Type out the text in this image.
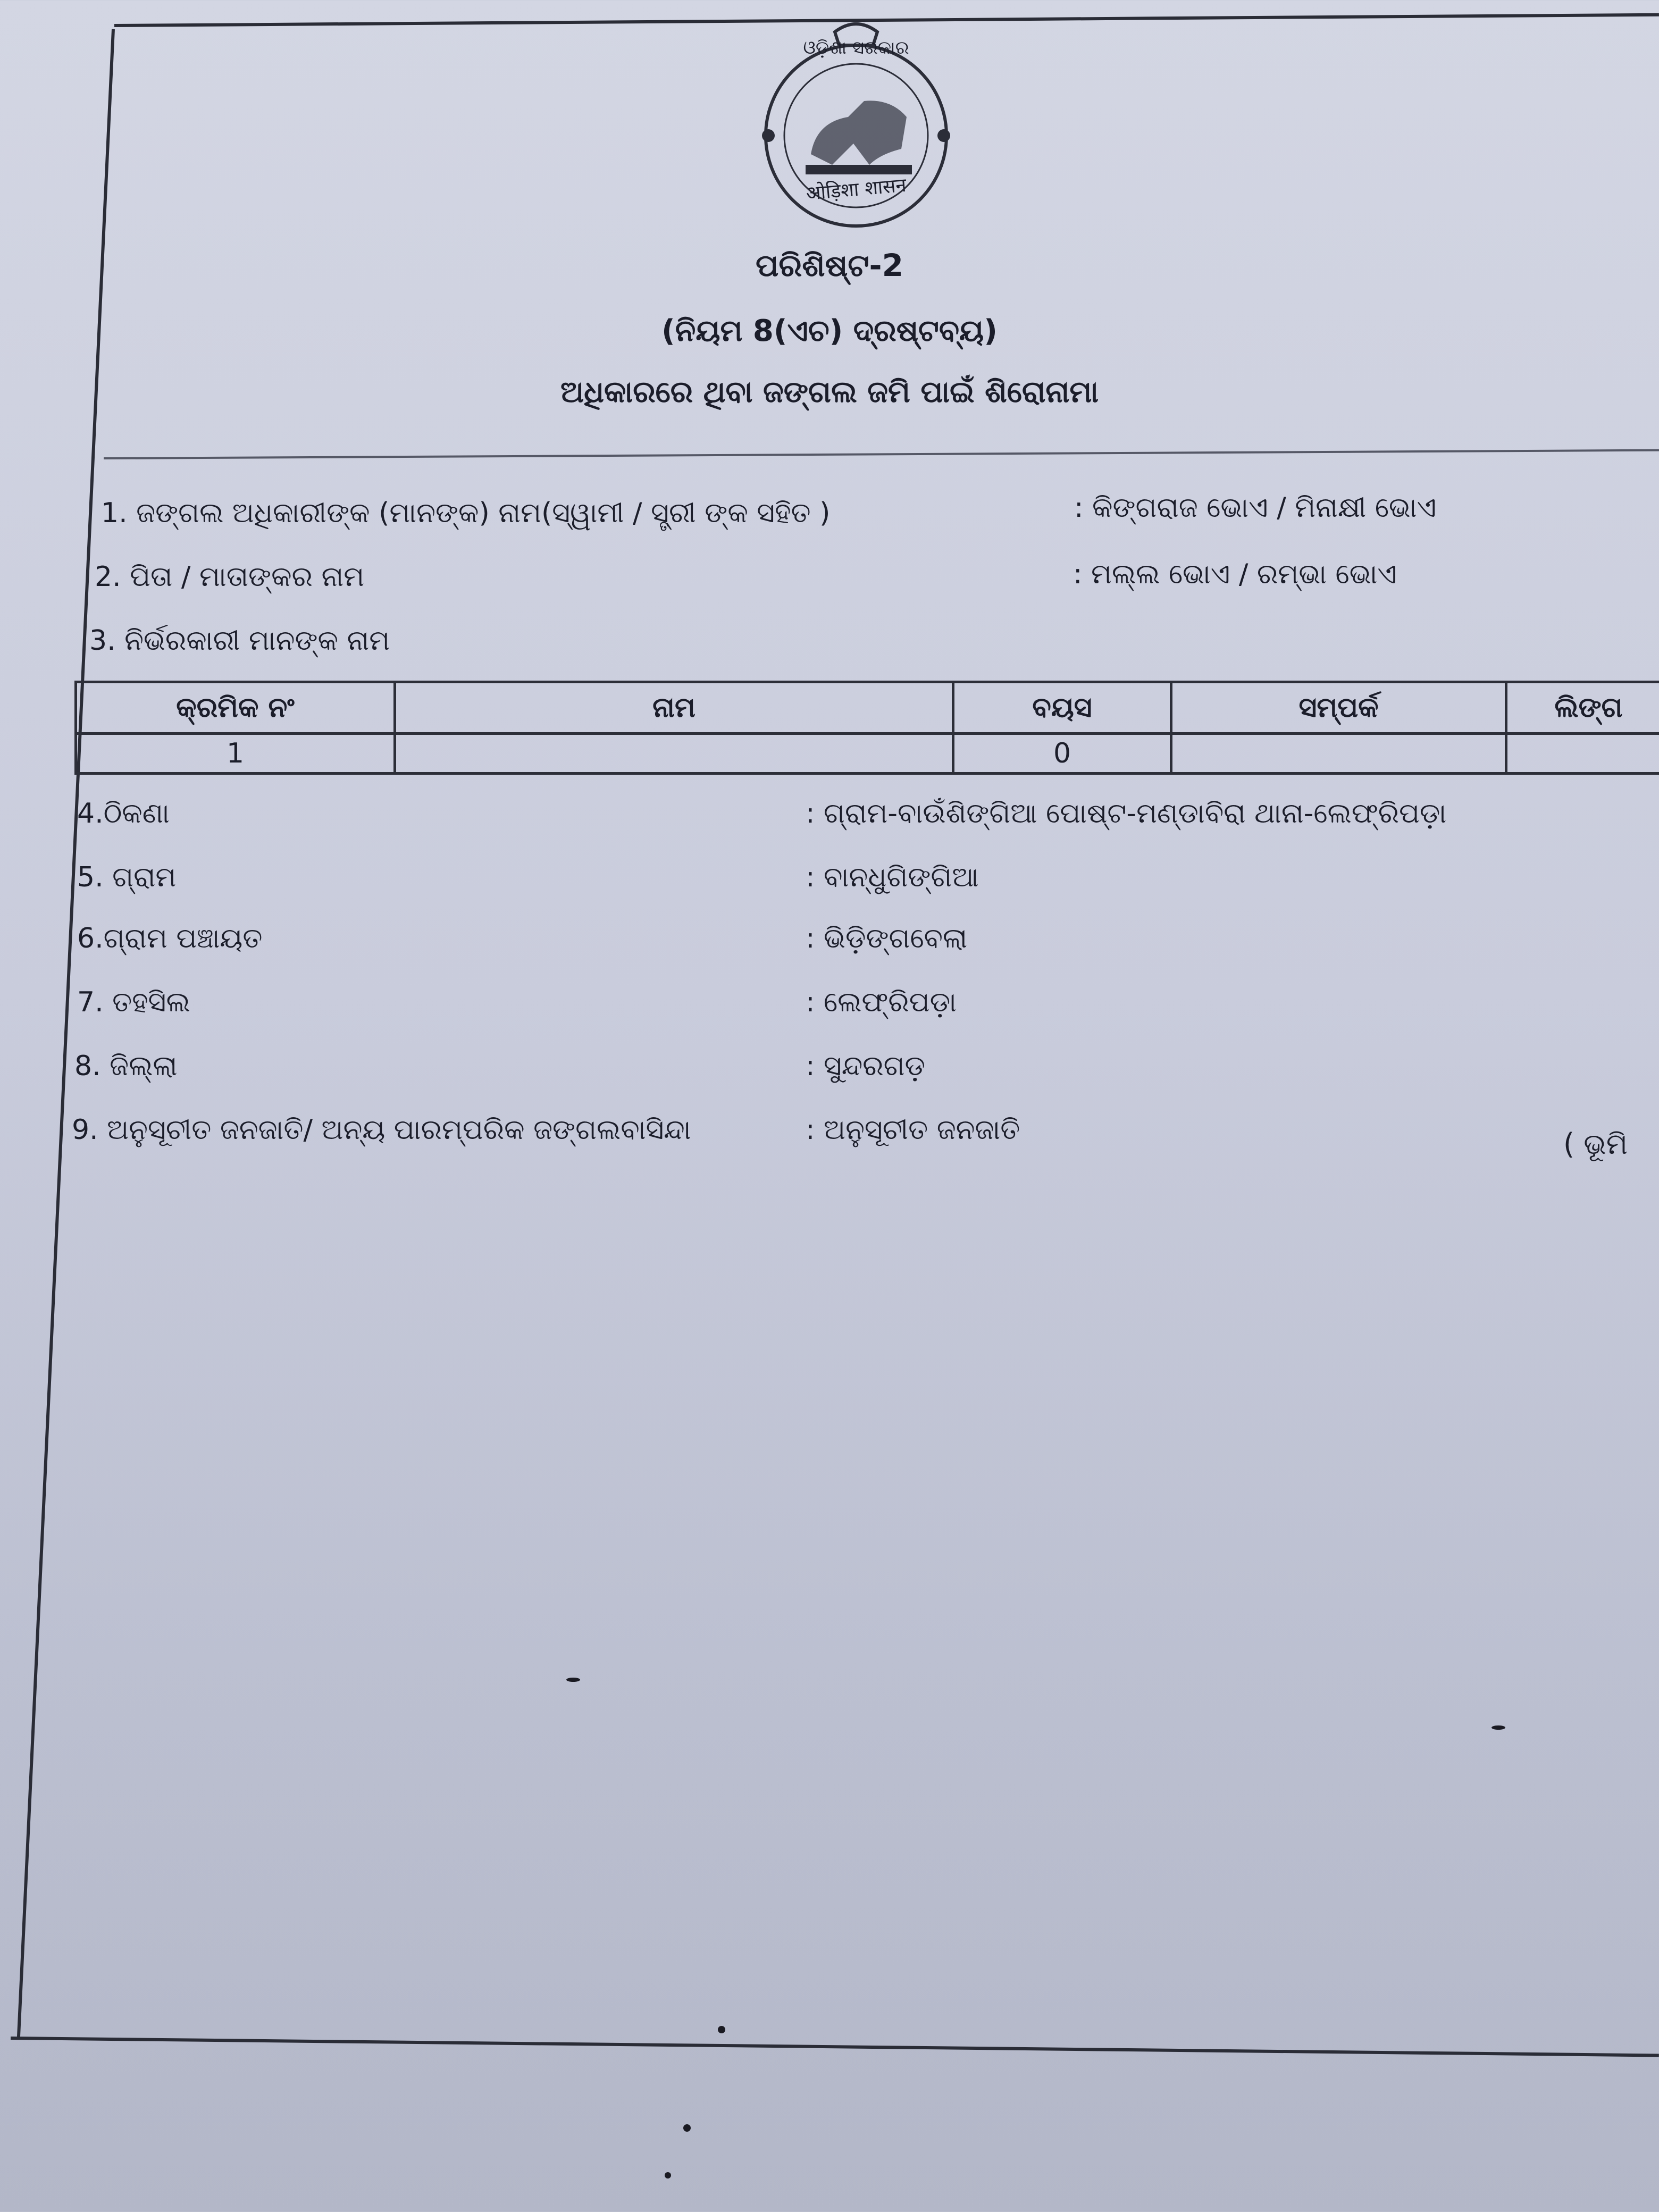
ଓଡ଼ିଶା ସରକାର
ओड़िशा शासन
ପରିଶିଷ୍ଟ-2
(ନିୟମ 8(ଏଚ) ଦ୍ରଷ୍ଟବ୍ୟ)
ଅଧିକାରରେ ଥିବା ଜଙ୍ଗଲ ଜମି ପାଇଁ ଶିରୋନାମା
1. ଜଙ୍ଗଲ ଅଧିକାରୀଙ୍କ (ମାନଙ୍କ) ନାମ(ସ୍ୱାମୀ / ସ୍ତ୍ରୀ ଙ୍କ ସହିତ )	: କିଙ୍ଗରାଜ ଭୋଏ / ମିନାକ୍ଷୀ ଭୋଏ
2. ପିତା / ମାତାଙ୍କର ନାମ	: ମଲ୍ଲ ଭୋଏ / ରମ୍ଭା ଭୋଏ
3. ନିର୍ଭରକାରୀ ମାନଙ୍କ ନାମ
କ୍ରମିକ ନଂ	ନାମ	ବୟସ	ସମ୍ପର୍କ	ଲିଙ୍ଗ
1		0		
4.ଠିକଣା	: ଗ୍ରାମ-ବାଉଁଶିଙ୍ଗିଆ ପୋଷ୍ଟ-ମଣ୍ଡାବିରା ଥାନା-ଲେଫ୍ରିପଡ଼ା
5. ଗ୍ରାମ	: ବାନ୍ଧୁଗିଙ୍ଗିଆ
6.ଗ୍ରାମ ପଞ୍ଚାୟତ	: ଭିଡ଼ିଙ୍ଗବେଲା
7. ତହସିଲ	: ଲେଫ୍ରିପଡ଼ା
8. ଜିଲ୍ଲା	: ସୁନ୍ଦରଗଡ଼
9. ଅନୁସୂଚୀତ ଜନଜାତି/ ଅନ୍ୟ ପାରମ୍ପରିକ ଜଙ୍ଗଲବାସିନ୍ଦା	: ଅନୁସୂଚୀତ ଜନଜାତି	( ଭୂମି
